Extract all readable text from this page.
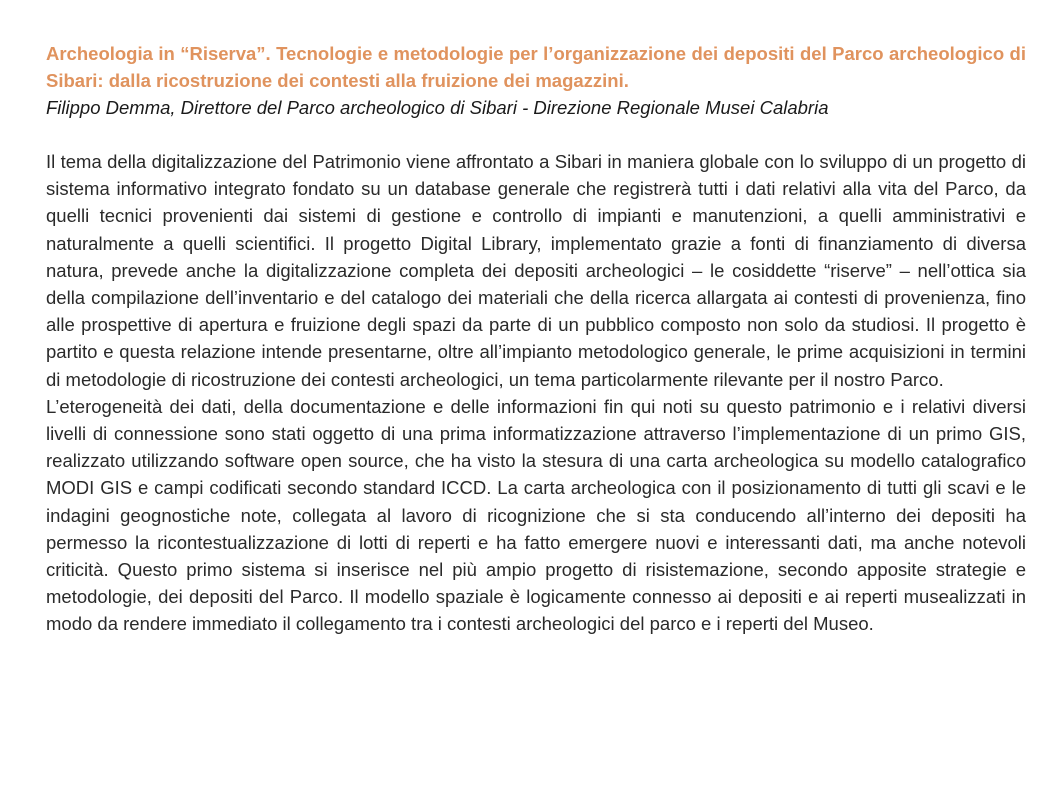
Archeologia in “Riserva”. Tecnologie e metodologie per l’organizzazione dei depositi del Parco archeologico di Sibari: dalla ricostruzione dei contesti alla fruizione dei magazzini.

Filippo Demma, Direttore del Parco archeologico di Sibari - Direzione Regionale Musei Calabria

Il tema della digitalizzazione del Patrimonio viene affrontato a Sibari in maniera globale con lo sviluppo di un progetto di sistema informativo integrato fondato su un database generale che registrerà tutti i dati relativi alla vita del Parco, da quelli tecnici provenienti dai sistemi di gestione e controllo di impianti e manutenzioni, a quelli amministrativi e naturalmente a quelli scientifici. Il progetto Digital Library, implementato grazie a fonti di finanziamento di diversa natura, prevede anche la digitalizzazione completa dei depositi archeologici – le cosiddette “riserve” – nell’ottica sia della compilazione dell’inventario e del catalogo dei materiali che della ricerca allargata ai contesti di provenienza, fino alle prospettive di apertura e fruizione degli spazi da parte di un pubblico composto non solo da studiosi. Il progetto è partito e questa relazione intende presentarne, oltre all’impianto metodologico generale, le prime acquisizioni in termini di metodologie di ricostruzione dei contesti archeologici, un tema particolarmente rilevante per il nostro Parco.

L’eterogeneità dei dati, della documentazione e delle informazioni fin qui noti su questo patrimonio e i relativi diversi livelli di connessione sono stati oggetto di una prima informatizzazione attraverso l’implementazione di un primo GIS, realizzato utilizzando software open source, che ha visto la stesura di una carta archeologica su modello catalografico MODI GIS e campi codificati secondo standard ICCD. La carta archeologica con il posizionamento di tutti gli scavi e le indagini geognostiche note, collegata al lavoro di ricognizione che si sta conducendo all’interno dei depositi ha permesso la ricontestualizzazione di lotti di reperti e ha fatto emergere nuovi e interessanti dati, ma anche notevoli criticità. Questo primo sistema si inserisce nel più ampio progetto di risistemazione, secondo apposite strategie e metodologie, dei depositi del Parco. Il modello spaziale è logicamente connesso ai depositi e ai reperti musealizzati in modo da rendere immediato il collegamento tra i contesti archeologici del parco e i reperti del Museo.
